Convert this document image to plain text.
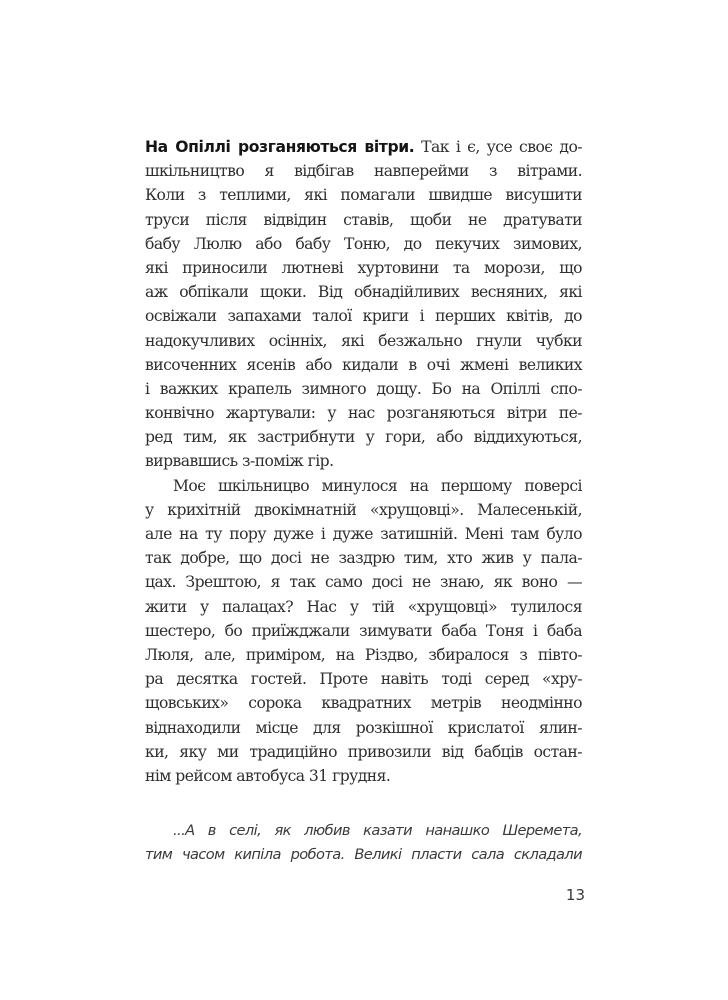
На Опіллі розганяються вітри. Так і є, усе своє до-
шкільництво я відбігав навперейми з вітрами.
Коли з теплими, які помагали швидше висушити
труси після відвідин ставів, щоби не дратувати
бабу Люлю або бабу Тоню, до пекучих зимових,
які приносили лютневі хуртовини та морози, що
аж обпікали щоки. Від обнадійливих весняних, які
освіжали запахами талої криги і перших квітів, до
надокучливих осінніх, які безжально гнули чубки
височенних ясенів або кидали в очі жмені великих
і важких крапель зимного дощу. Бо на Опіллі спо-
конвічно жартували: у нас розганяються вітри пе-
ред тим, як застрибнути у гори, або віддихуються,
вирвавшись з-поміж гір.
Моє шкільницво минулося на першому поверсі
у крихітній двокімнатній «хрущовці». Малесенькій,
але на ту пору дуже і дуже затишній. Мені там було
так добре, що досі не заздрю тим, хто жив у пала-
цах. Зрештою, я так само досі не знаю, як воно —
жити у палацах? Нас у тій «хрущовці» тулилося
шестеро, бо приїжджали зимувати баба Тоня і баба
Люля, але, приміром, на Різдво, збиралося з півто-
ра десятка гостей. Проте навіть тоді серед «хру-
щовських» сорока квадратних метрів неодмінно
віднаходили місце для розкішної крислатої ялин-
ки, яку ми традиційно привозили від бабців остан-
нім рейсом автобуса 31 грудня.
...А в селі, як любив казати нанашко Шеремета,
тим часом кипіла робота. Великі пласти сала складали
13
